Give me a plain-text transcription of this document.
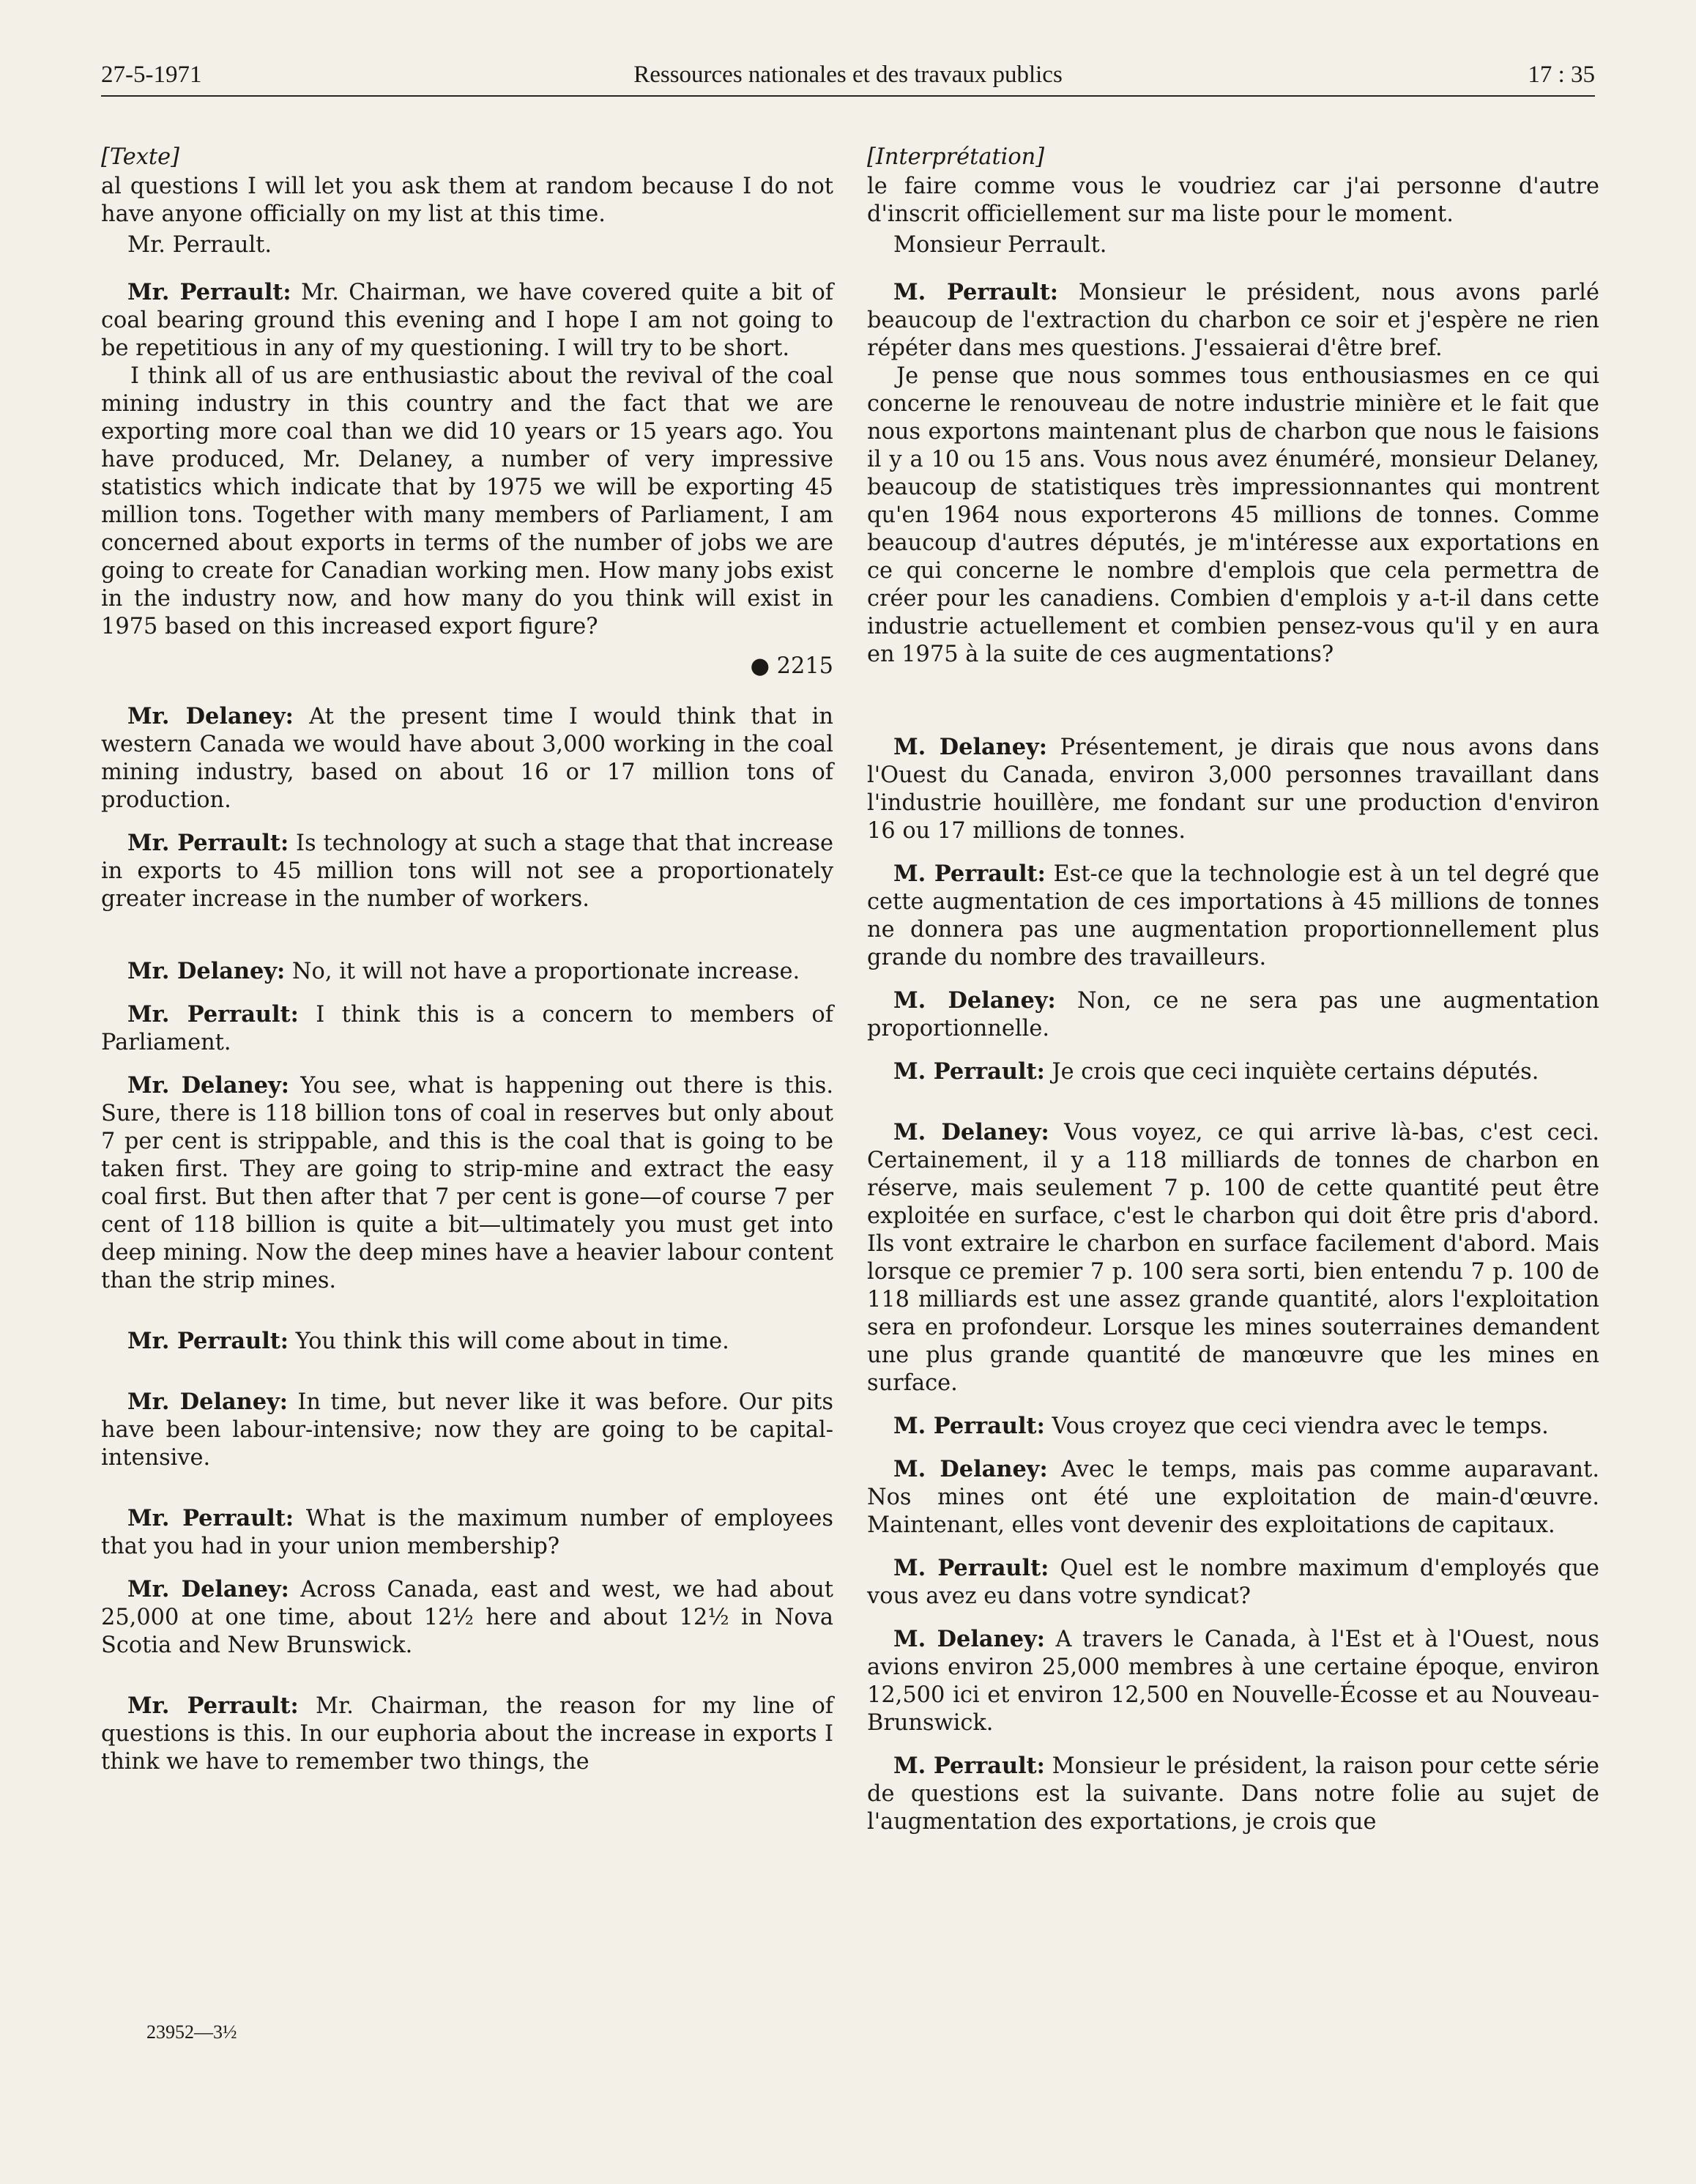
27-5-1971	Ressources nationales et des travaux publics	17 : 35

[Texte]

al questions I will let you ask them at random because I do not have anyone officially on my list at this time.

Mr. Perrault.

Mr. Perrault: Mr. Chairman, we have covered quite a bit of coal bearing ground this evening and I hope I am not going to be repetitious in any of my questioning. I will try to be short.

I think all of us are enthusiastic about the revival of the coal mining industry in this country and the fact that we are exporting more coal than we did 10 years or 15 years ago. You have produced, Mr. Delaney, a number of very impressive statistics which indicate that by 1975 we will be exporting 45 million tons. Together with many members of Parliament, I am concerned about exports in terms of the number of jobs we are going to create for Canadian working men. How many jobs exist in the industry now, and how many do you think will exist in 1975 based on this increased export figure?

● 2215

Mr. Delaney: At the present time I would think that in western Canada we would have about 3,000 working in the coal mining industry, based on about 16 or 17 million tons of production.

Mr. Perrault: Is technology at such a stage that that increase in exports to 45 million tons will not see a proportionately greater increase in the number of workers.

Mr. Delaney: No, it will not have a proportionate increase.

Mr. Perrault: I think this is a concern to members of Parliament.

Mr. Delaney: You see, what is happening out there is this. Sure, there is 118 billion tons of coal in reserves but only about 7 per cent is strippable, and this is the coal that is going to be taken first. They are going to strip-mine and extract the easy coal first. But then after that 7 per cent is gone—of course 7 per cent of 118 billion is quite a bit—ultimately you must get into deep mining. Now the deep mines have a heavier labour content than the strip mines.

Mr. Perrault: You think this will come about in time.

Mr. Delaney: In time, but never like it was before. Our pits have been labour-intensive; now they are going to be capital-intensive.

Mr. Perrault: What is the maximum number of employees that you had in your union membership?

Mr. Delaney: Across Canada, east and west, we had about 25,000 at one time, about 12½ here and about 12½ in Nova Scotia and New Brunswick.

Mr. Perrault: Mr. Chairman, the reason for my line of questions is this. In our euphoria about the increase in exports I think we have to remember two things, the

[Interprétation]

le faire comme vous le voudriez car j'ai personne d'autre d'inscrit officiellement sur ma liste pour le moment.

Monsieur Perrault.

M. Perrault: Monsieur le président, nous avons parlé beaucoup de l'extraction du charbon ce soir et j'espère ne rien répéter dans mes questions. J'essaierai d'être bref.

Je pense que nous sommes tous enthousiasmes en ce qui concerne le renouveau de notre industrie minière et le fait que nous exportons maintenant plus de charbon que nous le faisions il y a 10 ou 15 ans. Vous nous avez énuméré, monsieur Delaney, beaucoup de statistiques très impressionnantes qui montrent qu'en 1964 nous exporterons 45 millions de tonnes. Comme beaucoup d'autres députés, je m'intéresse aux exportations en ce qui concerne le nombre d'emplois que cela permettra de créer pour les canadiens. Combien d'emplois y a-t-il dans cette industrie actuellement et combien pensez-vous qu'il y en aura en 1975 à la suite de ces augmentations?

M. Delaney: Présentement, je dirais que nous avons dans l'Ouest du Canada, environ 3,000 personnes travaillant dans l'industrie houillère, me fondant sur une production d'environ 16 ou 17 millions de tonnes.

M. Perrault: Est-ce que la technologie est à un tel degré que cette augmentation de ces importations à 45 millions de tonnes ne donnera pas une augmentation proportionnellement plus grande du nombre des travailleurs.

M. Delaney: Non, ce ne sera pas une augmentation proportionnelle.

M. Perrault: Je crois que ceci inquiète certains députés.

M. Delaney: Vous voyez, ce qui arrive là-bas, c'est ceci. Certainement, il y a 118 milliards de tonnes de charbon en réserve, mais seulement 7 p. 100 de cette quantité peut être exploitée en surface, c'est le charbon qui doit être pris d'abord. Ils vont extraire le charbon en surface facilement d'abord. Mais lorsque ce premier 7 p. 100 sera sorti, bien entendu 7 p. 100 de 118 milliards est une assez grande quantité, alors l'exploitation sera en profondeur. Lorsque les mines souterraines demandent une plus grande quantité de manœuvre que les mines en surface.

M. Perrault: Vous croyez que ceci viendra avec le temps.

M. Delaney: Avec le temps, mais pas comme auparavant. Nos mines ont été une exploitation de main-d'œuvre. Maintenant, elles vont devenir des exploitations de capitaux.

M. Perrault: Quel est le nombre maximum d'employés que vous avez eu dans votre syndicat?

M. Delaney: A travers le Canada, à l'Est et à l'Ouest, nous avions environ 25,000 membres à une certaine époque, environ 12,500 ici et environ 12,500 en Nouvelle-Écosse et au Nouveau-Brunswick.

M. Perrault: Monsieur le président, la raison pour cette série de questions est la suivante. Dans notre folie au sujet de l'augmentation des exportations, je crois que

23952—3½
